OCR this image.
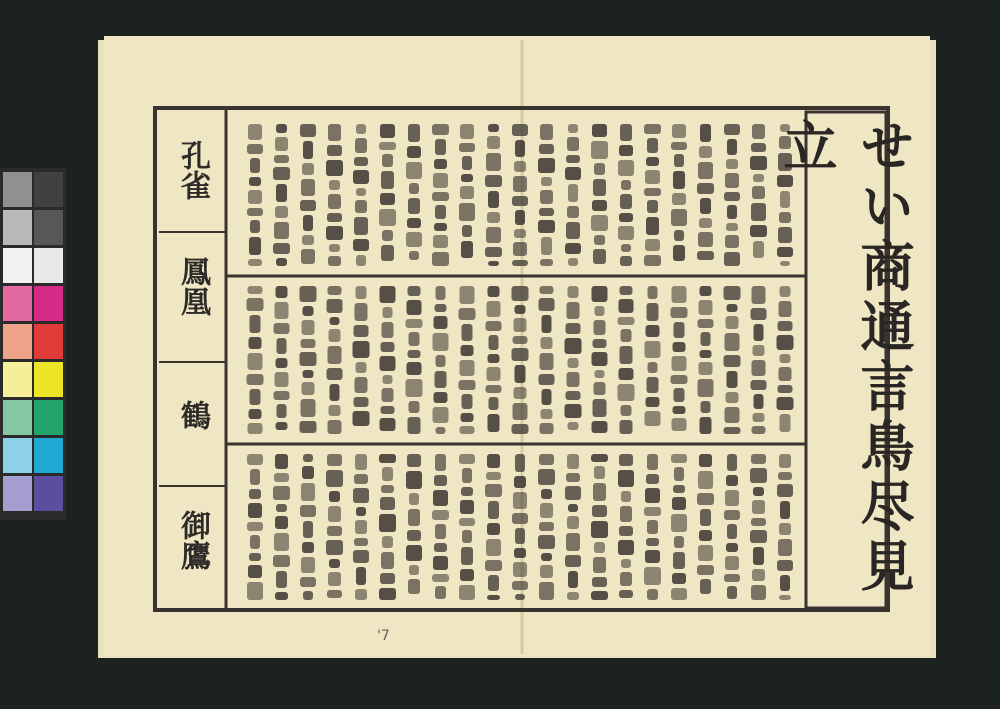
孔雀
鳳凰
鶴
御鷹
'7
